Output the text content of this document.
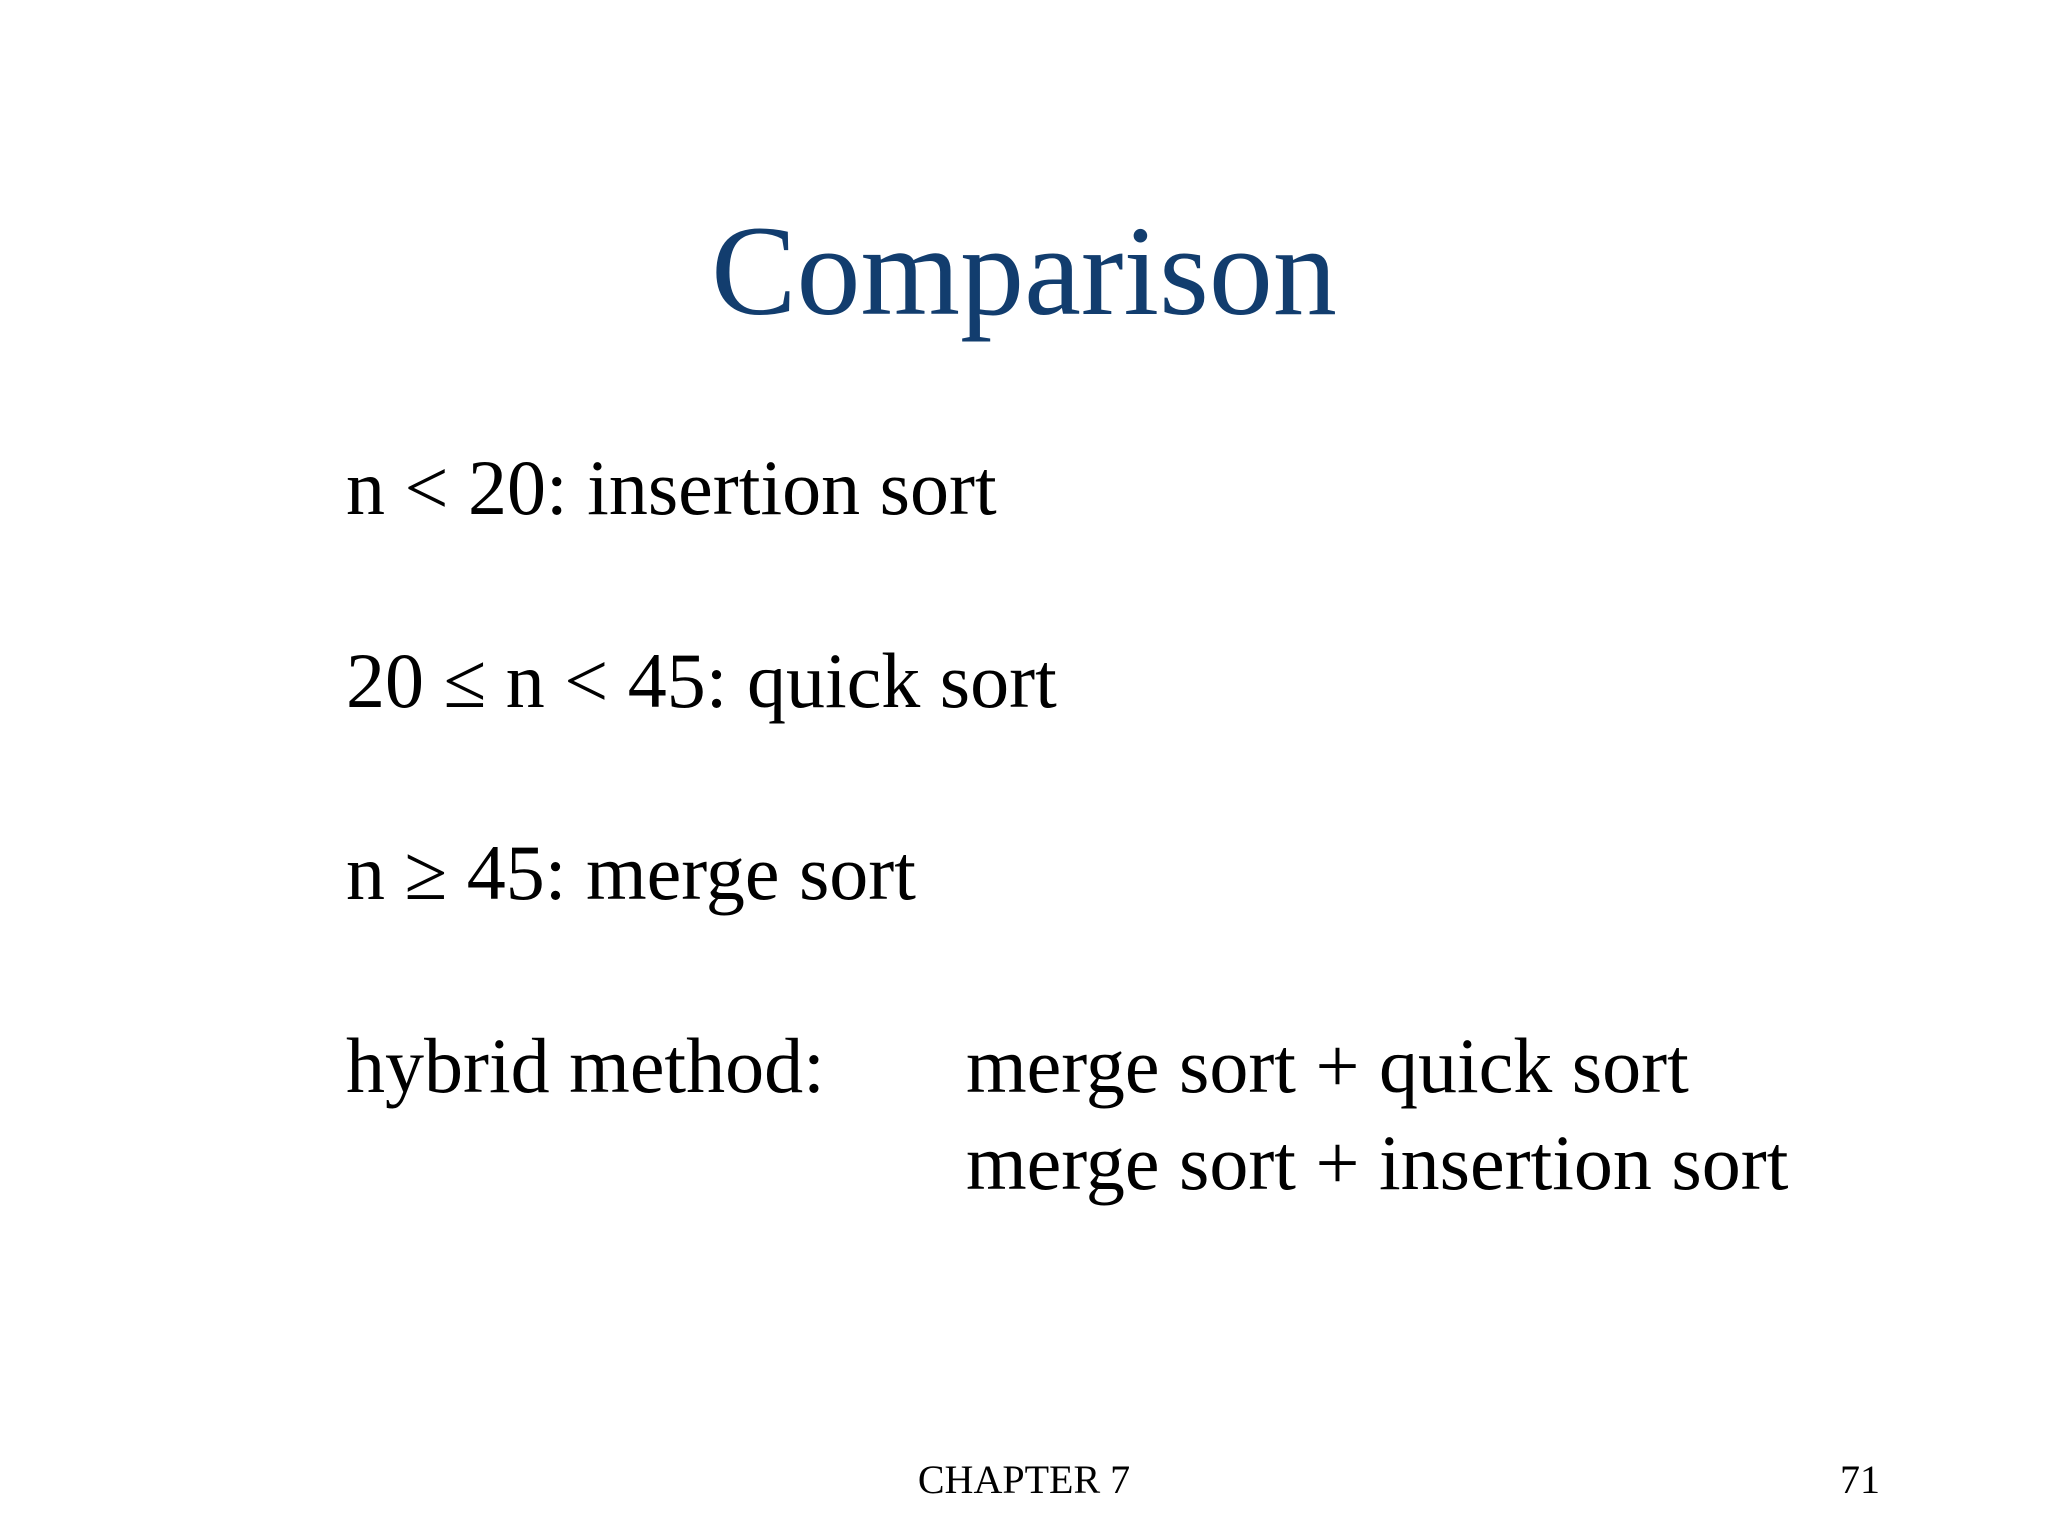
Comparison
n < 20: insertion sort
20 ≤ n < 45: quick sort
n ≥ 45: merge sort
hybrid method: merge sort + quick sort
merge sort + insertion sort
CHAPTER 7	71
